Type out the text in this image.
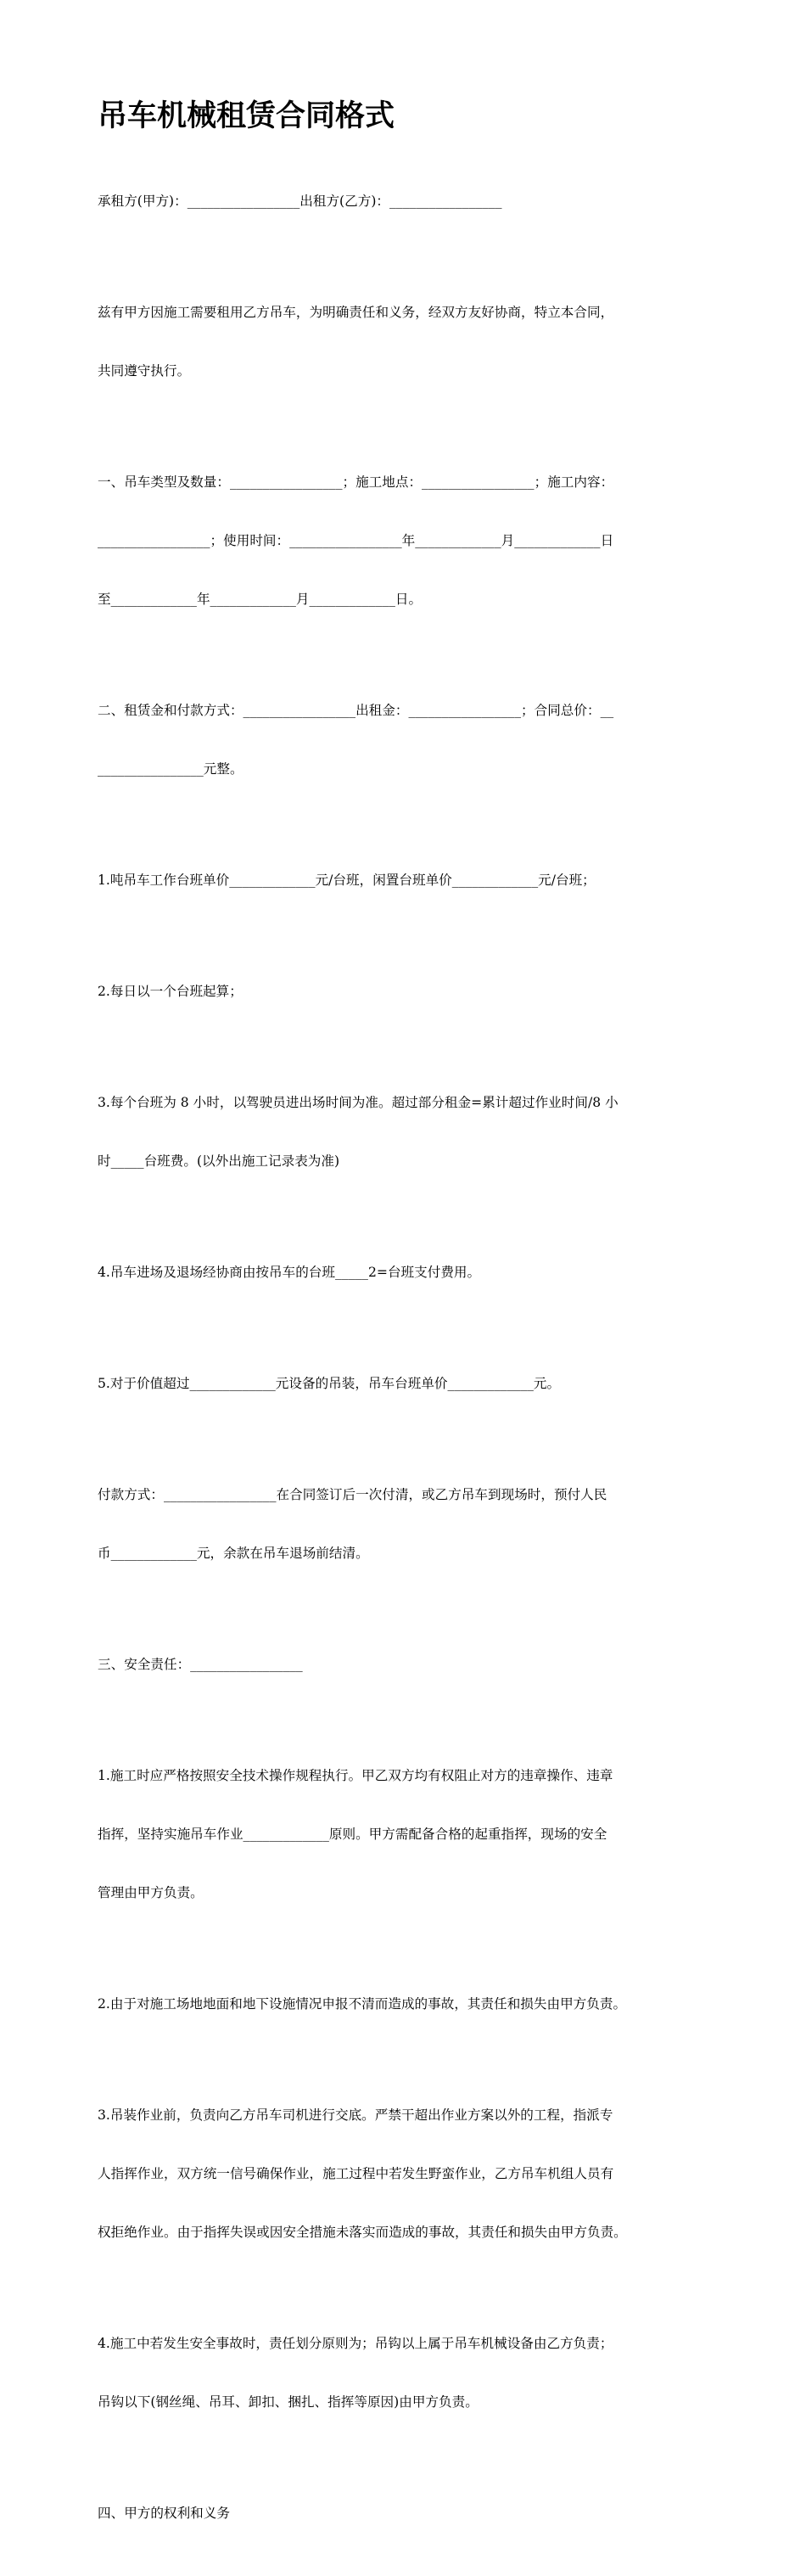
吊车机械租赁合同格式

承租方(甲方)：_________________出租方(乙方)：_________________

兹有甲方因施工需要租用乙方吊车，为明确责任和义务，经双方友好协商，特立本合同，

共同遵守执行。

一、吊车类型及数量：_________________；施工地点：_________________；施工内容：

_________________；使用时间：_________________年_____________月_____________日

至_____________年_____________月_____________日。

二、租赁金和付款方式：_________________出租金：_________________；合同总价：__

________________元整。

1.吨吊车工作台班单价_____________元/台班，闲置台班单价_____________元/台班；

2.每日以一个台班起算；

3.每个台班为 8 小时，以驾驶员进出场时间为准。超过部分租金=累计超过作业时间/8 小

时_____台班费。(以外出施工记录表为准)

4.吊车进场及退场经协商由按吊车的台班_____2=台班支付费用。

5.对于价值超过_____________元设备的吊装，吊车台班单价_____________元。

付款方式：_________________在合同签订后一次付清，或乙方吊车到现场时，预付人民

币_____________元，余款在吊车退场前结清。

三、安全责任：_________________

1.施工时应严格按照安全技术操作规程执行。甲乙双方均有权阻止对方的违章操作、违章

指挥，坚持实施吊车作业_____________原则。甲方需配备合格的起重指挥，现场的安全

管理由甲方负责。

2.由于对施工场地地面和地下设施情况申报不清而造成的事故，其责任和损失由甲方负责。

3.吊装作业前，负责向乙方吊车司机进行交底。严禁干超出作业方案以外的工程，指派专

人指挥作业，双方统一信号确保作业，施工过程中若发生野蛮作业，乙方吊车机组人员有

权拒绝作业。由于指挥失误或因安全措施未落实而造成的事故，其责任和损失由甲方负责。

4.施工中若发生安全事故时，责任划分原则为；吊钩以上属于吊车机械设备由乙方负责；

吊钩以下(钢丝绳、吊耳、卸扣、捆扎、指挥等原因)由甲方负责。

四、甲方的权利和义务
